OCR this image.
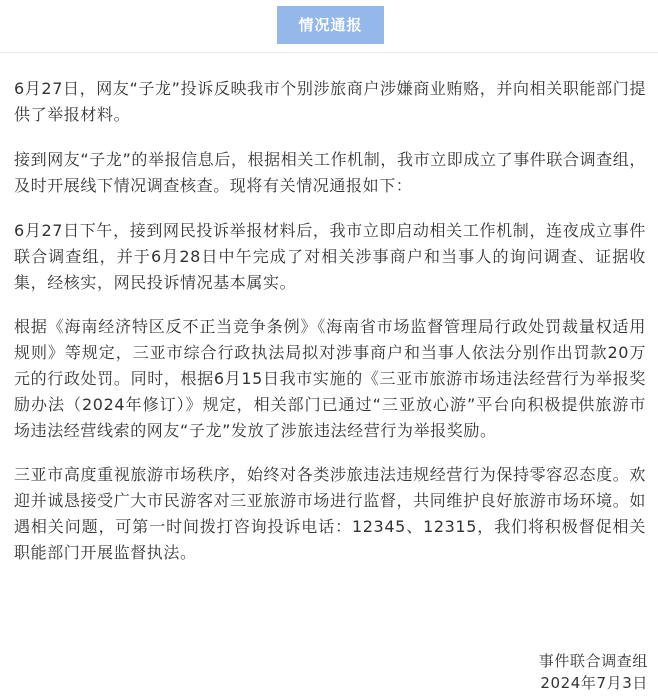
情况通报

6月27日，网友“子龙”投诉反映我市个别涉旅商户涉嫌商业贿赂，并向相关职能部门提供了举报材料。

接到网友“子龙”的举报信息后，根据相关工作机制，我市立即成立了事件联合调查组，及时开展线下情况调查核查。现将有关情况通报如下：

6月27日下午，接到网民投诉举报材料后，我市立即启动相关工作机制，连夜成立事件联合调查组，并于6月28日中午完成了对相关涉事商户和当事人的询问调查、证据收集，经核实，网民投诉情况基本属实。

根据《海南经济特区反不正当竞争条例》《海南省市场监督管理局行政处罚裁量权适用规则》等规定，三亚市综合行政执法局拟对涉事商户和当事人依法分别作出罚款20万元的行政处罚。同时，根据6月15日我市实施的《三亚市旅游市场违法经营行为举报奖励办法（2024年修订）》规定，相关部门已通过“三亚放心游”平台向积极提供旅游市场违法经营线索的网友“子龙”发放了涉旅违法经营行为举报奖励。

三亚市高度重视旅游市场秩序，始终对各类涉旅违法违规经营行为保持零容忍态度。欢迎并诚恳接受广大市民游客对三亚旅游市场进行监督，共同维护良好旅游市场环境。如遇相关问题，可第一时间拨打咨询投诉电话：12345、12315，我们将积极督促相关职能部门开展监督执法。

事件联合调查组
2024年7月3日
